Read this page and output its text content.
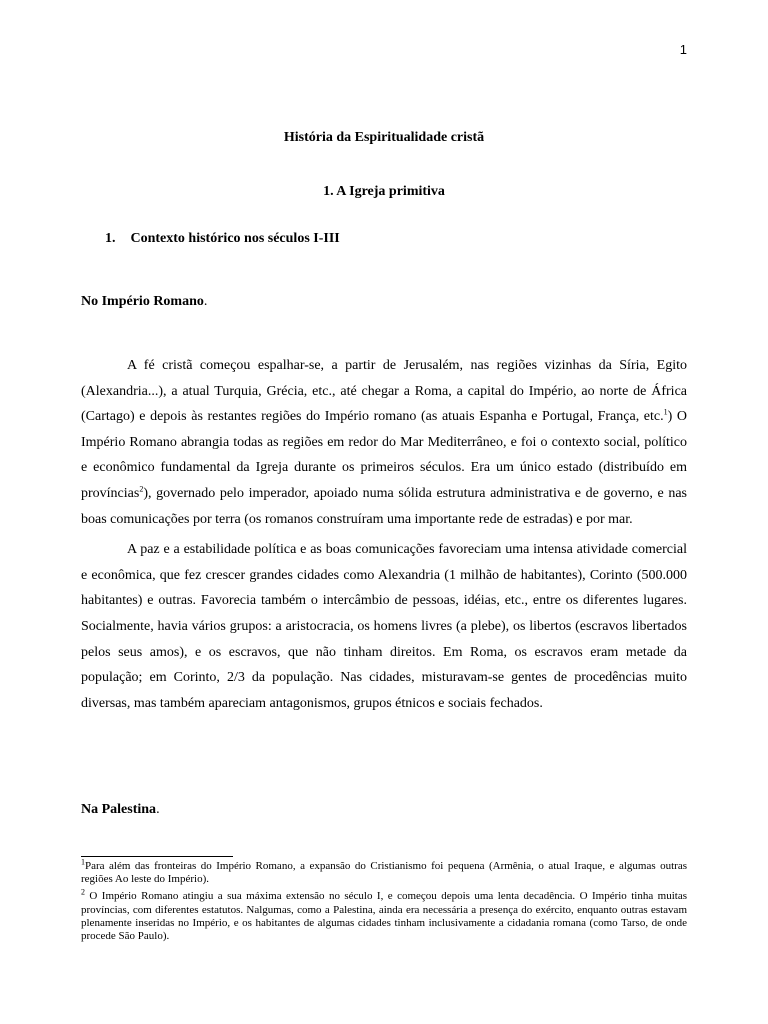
1
História da Espiritualidade cristã
1. A Igreja primitiva
1. Contexto histórico nos séculos I-III
No Império Romano.

A fé cristã começou espalhar-se, a partir de Jerusalém, nas regiões vizinhas da Síria, Egito (Alexandria...), a atual Turquia, Grécia, etc., até chegar a Roma, a capital do Império, ao norte de África (Cartago) e depois às restantes regiões do Império romano (as atuais Espanha e Portugal, França, etc.$^1$) O Império Romano abrangia todas as regiões em redor do Mar Mediterrâneo, e foi o contexto social, político e econômico fundamental da Igreja durante os primeiros séculos. Era um único estado (distribuído em províncias$^2$), governado pelo imperador, apoiado numa sólida estrutura administrativa e de governo, e nas boas comunicações por terra (os romanos construíram uma importante rede de estradas) e por mar.

A paz e a estabilidade política e as boas comunicações favoreciam uma intensa atividade comercial e econômica, que fez crescer grandes cidades como Alexandria (1 milhão de habitantes), Corinto (500.000 habitantes) e outras. Favorecia também o intercâmbio de pessoas, idéias, etc., entre os diferentes lugares. Socialmente, havia vários grupos: a aristocracia, os homens livres (a plebe), os libertos (escravos libertados pelos seus amos), e os escravos, que não tinham direitos. Em Roma, os escravos eram metade da população; em Corinto, 2/3 da população. Nas cidades, misturavam-se gentes de procedências muito diversas, mas também apareciam antagonismos, grupos étnicos e sociais fechados.

Na Palestina.

$^1$Para além das fronteiras do Império Romano, a expansão do Cristianismo foi pequena (Armênia, o atual Iraque, e algumas outras regiões Ao leste do Império).

$^2$ O Império Romano atingiu a sua máxima extensão no século I, e começou depois uma lenta decadência. O Império tinha muitas províncias, com diferentes estatutos. Nalgumas, como a Palestina, ainda era necessária a presença do exército, enquanto outras estavam plenamente inseridas no Império, e os habitantes de algumas cidades tinham inclusivamente a cidadania romana (como Tarso, de onde procede São Paulo).
